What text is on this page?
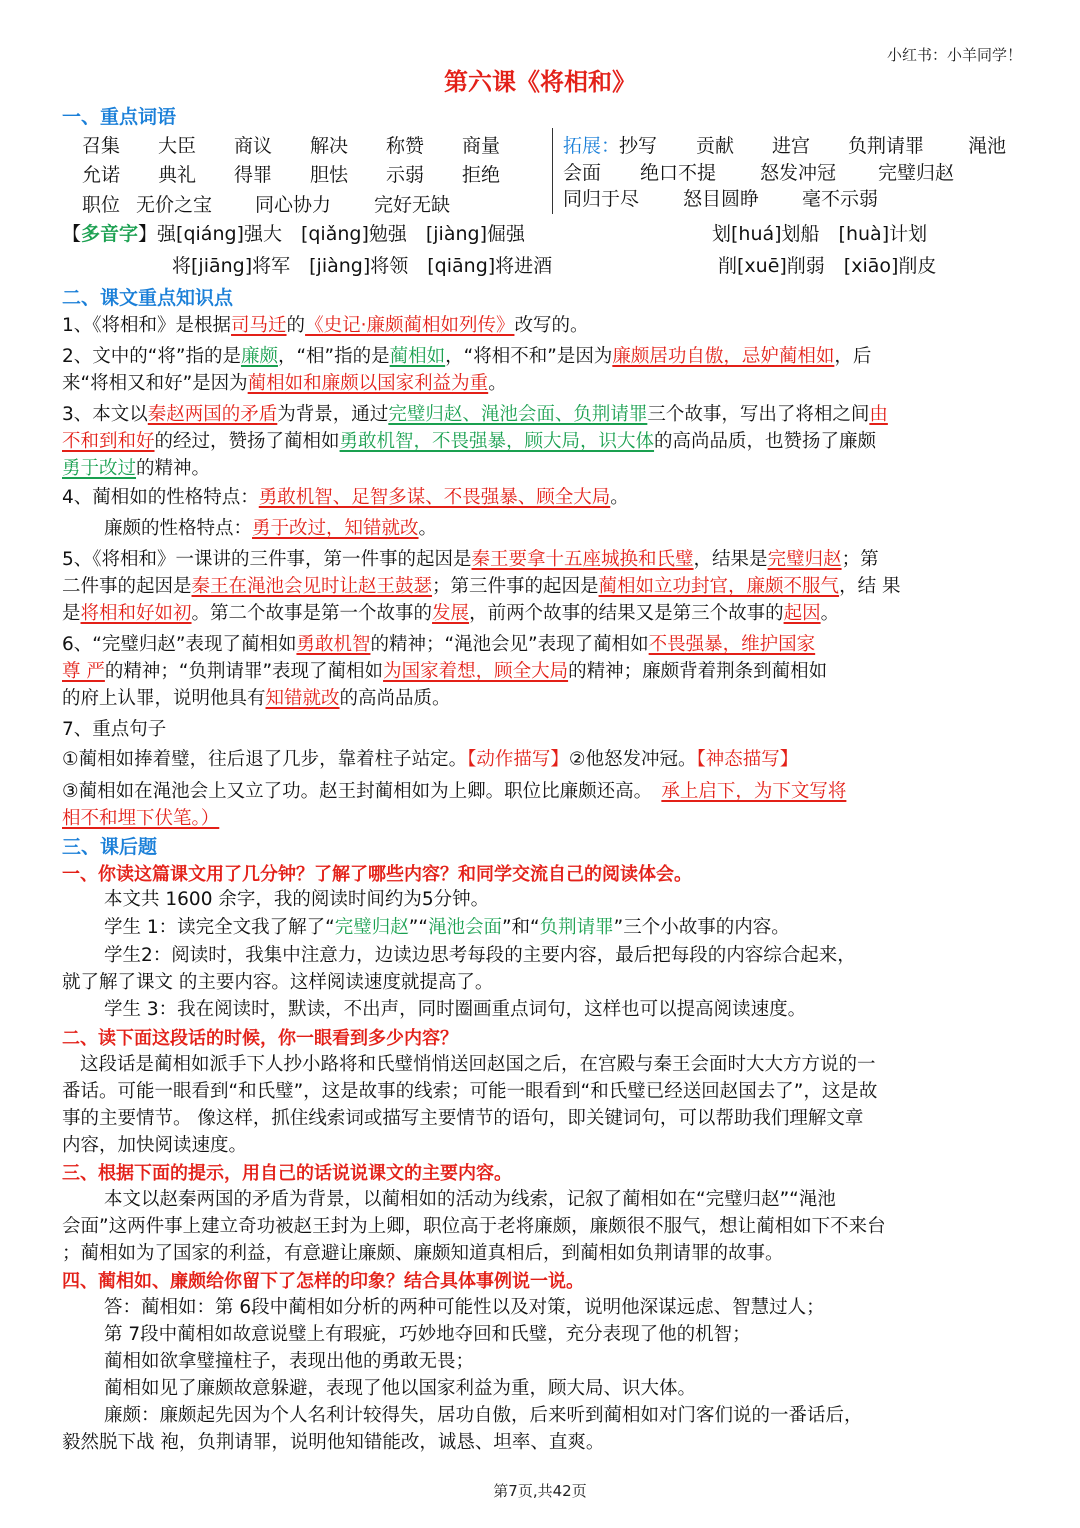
小红书：小羊同学！
第六课《将相和》
一、重点词语
召集 大臣 商议 解决 称赞 商量
允诺 典礼 得罪 胆怯 示弱 拒绝
职位 无价之宝 同心协力 完好无缺
拓展：
抄写 贡献 进宫 负荆请罪 渑池
会面 绝口不提 怒发冲冠 完璧归赵
同归于尽 怒目圆睁 毫不示弱
【多音字】强[qiáng]强大　[qiǎng]勉强　[jiàng]倔强	划[huá]划船　[huà]计划
将[jiāng]将军　[jiàng]将领　[qiāng]将进酒	削[xuē]削弱　[xiāo]削皮
二、课文重点知识点
1、《将相和》是根据司马迁的《史记·廉颇蔺相如列传》改写的。
2、文中的“将”指的是廉颇，“相”指的是蔺相如，“将相不和”是因为廉颇居功自傲，忌妒蔺相如，后
来“将相又和好”是因为蔺相如和廉颇以国家利益为重。
3、本文以秦赵两国的矛盾为背景，通过完璧归赵、渑池会面、负荆请罪三个故事，写出了将相之间由
不和到和好的经过，赞扬了蔺相如勇敢机智，不畏强暴，顾大局，识大体的高尚品质，也赞扬了廉颇
勇于改过的精神。
4、蔺相如的性格特点：勇敢机智、足智多谋、不畏强暴、顾全大局。
廉颇的性格特点：勇于改过，知错就改。
5、《将相和》一课讲的三件事，第一件事的起因是秦王要拿十五座城换和氏璧，结果是完璧归赵；第
二件事的起因是秦王在渑池会见时让赵王鼓瑟；第三件事的起因是蔺相如立功封官，廉颇不服气，结 果
是将相和好如初。第二个故事是第一个故事的发展，前两个故事的结果又是第三个故事的起因。
6、“完璧归赵”表现了蔺相如勇敢机智的精神；“渑池会见”表现了蔺相如不畏强暴，维护国家
尊 严的精神；“负荆请罪”表现了蔺相如为国家着想，顾全大局的精神；廉颇背着荆条到蔺相如
的府上认罪，说明他具有知错就改的高尚品质。
7、重点句子
①蔺相如捧着璧，往后退了几步，靠着柱子站定。【动作描写】②他怒发冲冠。【神态描写】
③蔺相如在渑池会上又立了功。赵王封蔺相如为上卿。职位比廉颇还高。　 承上启下，为下文写将
相不和埋下伏笔。）
三、课后题
一、你读这篇课文用了几分钟？了解了哪些内容？和同学交流自己的阅读体会。
本文共 1600 余字，我的阅读时间约为5分钟。
学生 1：读完全文我了解了“完璧归赵”“渑池会面”和“负荆请罪”三个小故事的内容。
学生2：阅读时，我集中注意力，边读边思考每段的主要内容，最后把每段的内容综合起来，
就了解了课文 的主要内容。这样阅读速度就提高了。
学生 3：我在阅读时，默读，不出声，同时圈画重点词句，这样也可以提高阅读速度。
二、读下面这段话的时候，你一眼看到多少内容？
这段话是蔺相如派手下人抄小路将和氏璧悄悄送回赵国之后，在宫殿与秦王会面时大大方方说的一
番话。可能一眼看到“和氏璧”，这是故事的线索；可能一眼看到“和氏璧已经送回赵国去了”，这是故
事的主要情节。 像这样，抓住线索词或描写主要情节的语句，即关键词句，可以帮助我们理解文章
内容，加快阅读速度。
三、根据下面的提示，用自己的话说说课文的主要内容。
本文以赵秦两国的矛盾为背景，以蔺相如的活动为线索，记叙了蔺相如在“完璧归赵”“渑池
会面”这两件事上建立奇功被赵王封为上卿，职位高于老将廉颇，廉颇很不服气，想让蔺相如下不来台
；蔺相如为了国家的利益，有意避让廉颇、廉颇知道真相后，到蔺相如负荆请罪的故事。
四、蔺相如、廉颇给你留下了怎样的印象？结合具体事例说一说。
答：蔺相如：第 6段中蔺相如分析的两种可能性以及对策，说明他深谋远虑、智慧过人；
第 7段中蔺相如故意说璧上有瑕疵，巧妙地夺回和氏璧，充分表现了他的机智；
蔺相如欲拿璧撞柱子，表现出他的勇敢无畏；
蔺相如见了廉颇故意躲避，表现了他以国家利益为重，顾大局、识大体。
廉颇：廉颇起先因为个人名利计较得失，居功自傲，后来听到蔺相如对门客们说的一番话后，
毅然脱下战 袍，负荆请罪，说明他知错能改，诚恳、坦率、直爽。
第7页,共42页
